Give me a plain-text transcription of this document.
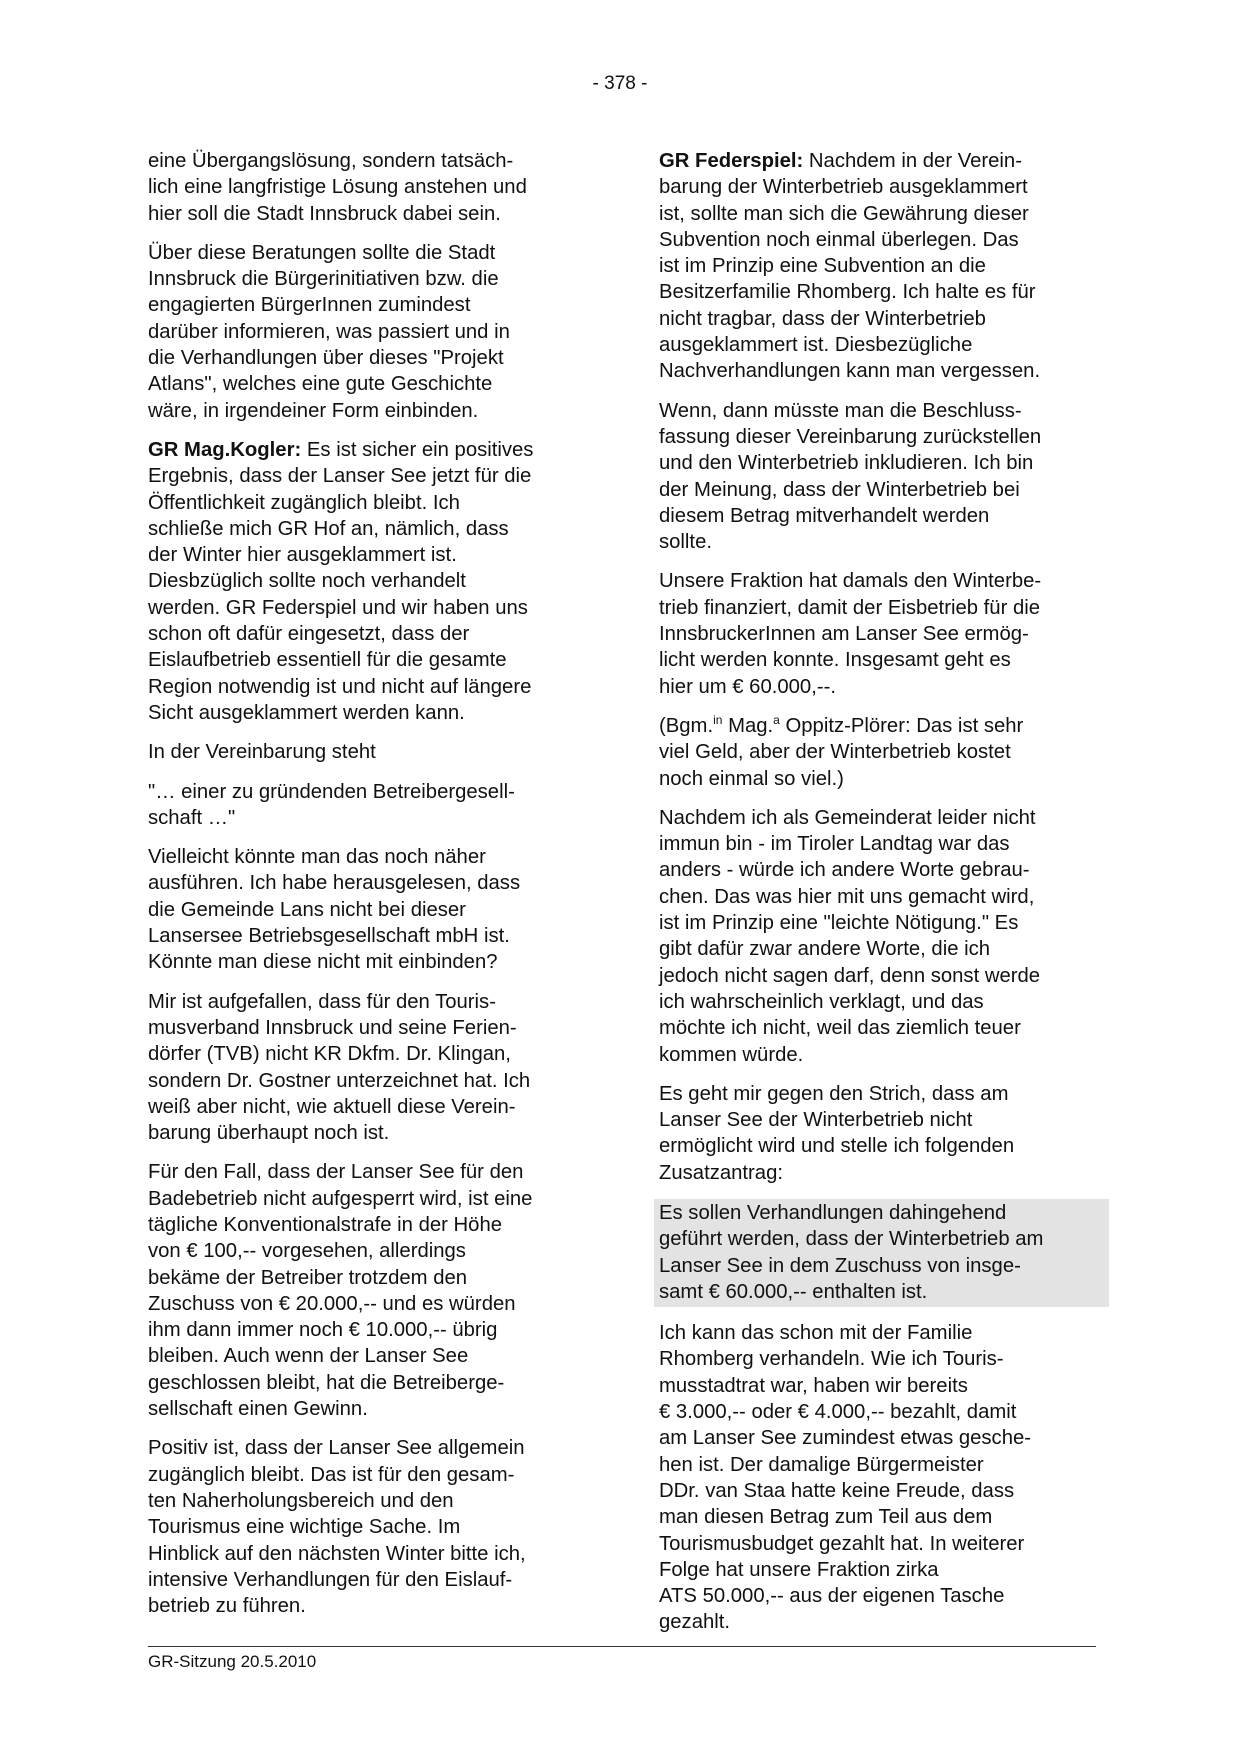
- 378 -

eine Übergangslösung, sondern tatsäch-
lich eine langfristige Lösung anstehen und
hier soll die Stadt Innsbruck dabei sein.

Über diese Beratungen sollte die Stadt
Innsbruck die Bürgerinitiativen bzw. die
engagierten BürgerInnen zumindest
darüber informieren, was passiert und in
die Verhandlungen über dieses "Projekt
Atlans", welches eine gute Geschichte
wäre, in irgendeiner Form einbinden.

GR Mag.Kogler: Es ist sicher ein positives
Ergebnis, dass der Lanser See jetzt für die
Öffentlichkeit zugänglich bleibt. Ich
schließe mich GR Hof an, nämlich, dass
der Winter hier ausgeklammert ist.
Diesbzüglich sollte noch verhandelt
werden. GR Federspiel und wir haben uns
schon oft dafür eingesetzt, dass der
Eislaufbetrieb essentiell für die gesamte
Region notwendig ist und nicht auf längere
Sicht ausgeklammert werden kann.

In der Vereinbarung steht

"… einer zu gründenden Betreibergesell-
schaft …"

Vielleicht könnte man das noch näher
ausführen. Ich habe herausgelesen, dass
die Gemeinde Lans nicht bei dieser
Lansersee Betriebsgesellschaft mbH ist.
Könnte man diese nicht mit einbinden?

Mir ist aufgefallen, dass für den Touris-
musverband Innsbruck und seine Ferien-
dörfer (TVB) nicht KR Dkfm. Dr. Klingan,
sondern Dr. Gostner unterzeichnet hat. Ich
weiß aber nicht, wie aktuell diese Verein-
barung überhaupt noch ist.

Für den Fall, dass der Lanser See für den
Badebetrieb nicht aufgesperrt wird, ist eine
tägliche Konventionalstrafe in der Höhe
von € 100,-- vorgesehen, allerdings
bekäme der Betreiber trotzdem den
Zuschuss von € 20.000,-- und es würden
ihm dann immer noch € 10.000,-- übrig
bleiben. Auch wenn der Lanser See
geschlossen bleibt, hat die Betreiberge-
sellschaft einen Gewinn.

Positiv ist, dass der Lanser See allgemein
zugänglich bleibt. Das ist für den gesam-
ten Naherholungsbereich und den
Tourismus eine wichtige Sache. Im
Hinblick auf den nächsten Winter bitte ich,
intensive Verhandlungen für den Eislauf-
betrieb zu führen.

GR Federspiel: Nachdem in der Verein-
barung der Winterbetrieb ausgeklammert
ist, sollte man sich die Gewährung dieser
Subvention noch einmal überlegen. Das
ist im Prinzip eine Subvention an die
Besitzerfamilie Rhomberg. Ich halte es für
nicht tragbar, dass der Winterbetrieb
ausgeklammert ist. Diesbezügliche
Nachverhandlungen kann man vergessen.

Wenn, dann müsste man die Beschluss-
fassung dieser Vereinbarung zurückstellen
und den Winterbetrieb inkludieren. Ich bin
der Meinung, dass der Winterbetrieb bei
diesem Betrag mitverhandelt werden
sollte.

Unsere Fraktion hat damals den Winterbe-
trieb finanziert, damit der Eisbetrieb für die
InnsbruckerInnen am Lanser See ermög-
licht werden konnte. Insgesamt geht es
hier um € 60.000,--.

(Bgm.$^{in}$ Mag.$^a$ Oppitz-Plörer: Das ist sehr
viel Geld, aber der Winterbetrieb kostet
noch einmal so viel.)

Nachdem ich als Gemeinderat leider nicht
immun bin - im Tiroler Landtag war das
anders - würde ich andere Worte gebrau-
chen. Das was hier mit uns gemacht wird,
ist im Prinzip eine "leichte Nötigung." Es
gibt dafür zwar andere Worte, die ich
jedoch nicht sagen darf, denn sonst werde
ich wahrscheinlich verklagt, und das
möchte ich nicht, weil das ziemlich teuer
kommen würde.

Es geht mir gegen den Strich, dass am
Lanser See der Winterbetrieb nicht
ermöglicht wird und stelle ich folgenden
Zusatzantrag:

Es sollen Verhandlungen dahingehend
geführt werden, dass der Winterbetrieb am
Lanser See in dem Zuschuss von insge-
samt € 60.000,-- enthalten ist.

Ich kann das schon mit der Familie
Rhomberg verhandeln. Wie ich Touris-
musstadtrat war, haben wir bereits
€ 3.000,-- oder € 4.000,-- bezahlt, damit
am Lanser See zumindest etwas gesche-
hen ist. Der damalige Bürgermeister
DDr. van Staa hatte keine Freude, dass
man diesen Betrag zum Teil aus dem
Tourismusbudget gezahlt hat. In weiterer
Folge hat unsere Fraktion zirka
ATS 50.000,-- aus der eigenen Tasche
gezahlt.

GR-Sitzung 20.5.2010
